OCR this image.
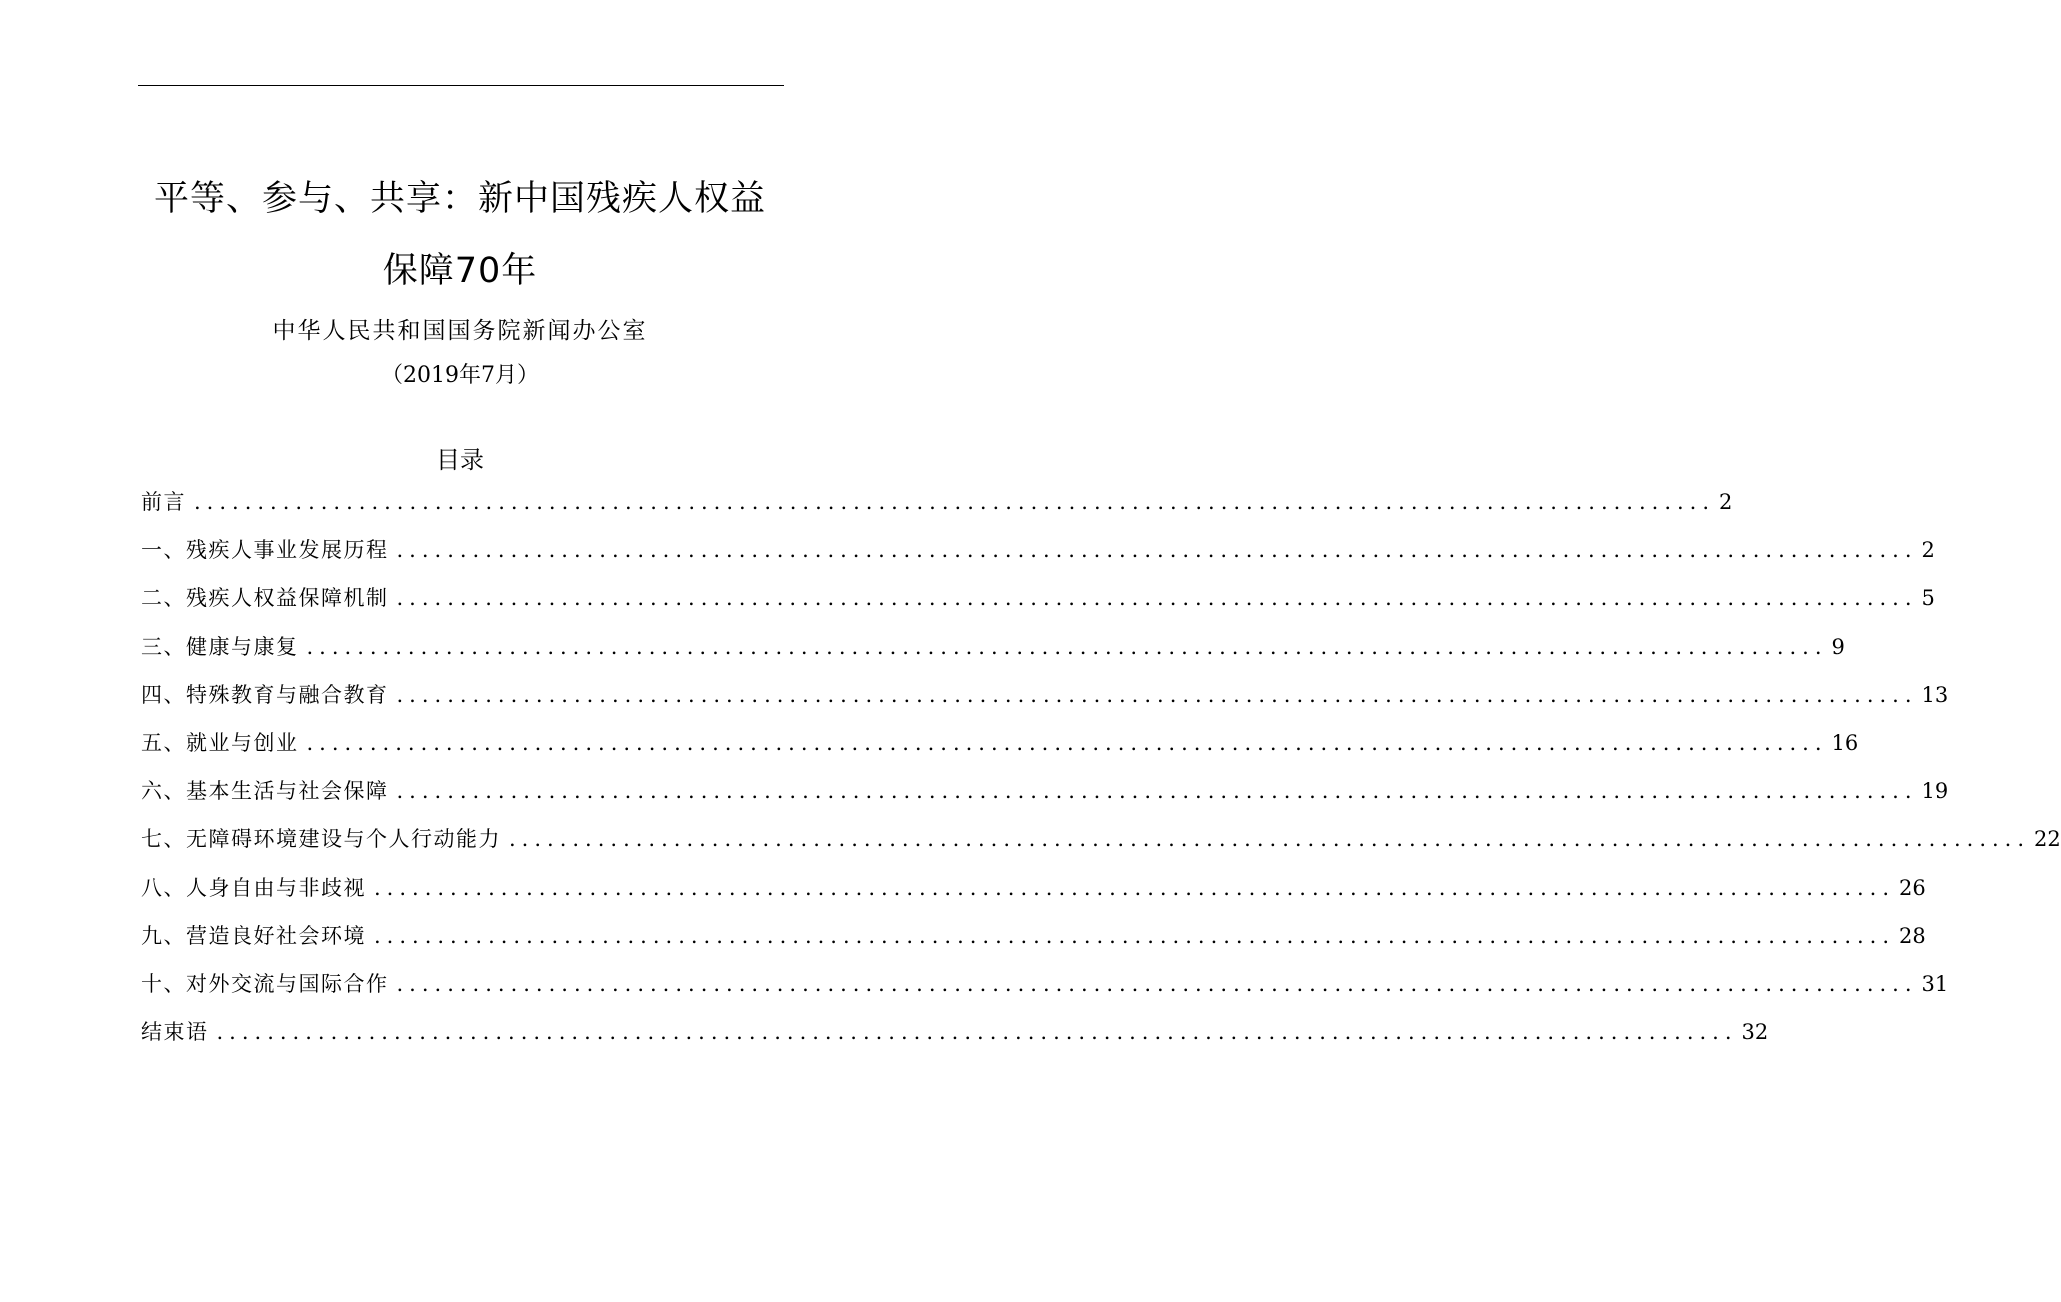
平等、参与、共享：新中国残疾人权益
保障70年
中华人民共和国国务院新闻办公室
（2019年7月）
目录
前言 ........................................................................................................................ 2
一、残疾人事业发展历程 ........................................................................................................................ 2
二、残疾人权益保障机制 ........................................................................................................................ 5
三、健康与康复 ........................................................................................................................ 9
四、特殊教育与融合教育 ........................................................................................................................ 13
五、就业与创业 ........................................................................................................................ 16
六、基本生活与社会保障 ........................................................................................................................ 19
七、无障碍环境建设与个人行动能力 ........................................................................................................................ 22
八、人身自由与非歧视 ........................................................................................................................ 26
九、营造良好社会环境 ........................................................................................................................ 28
十、对外交流与国际合作 ........................................................................................................................ 31
结束语 ........................................................................................................................ 32
